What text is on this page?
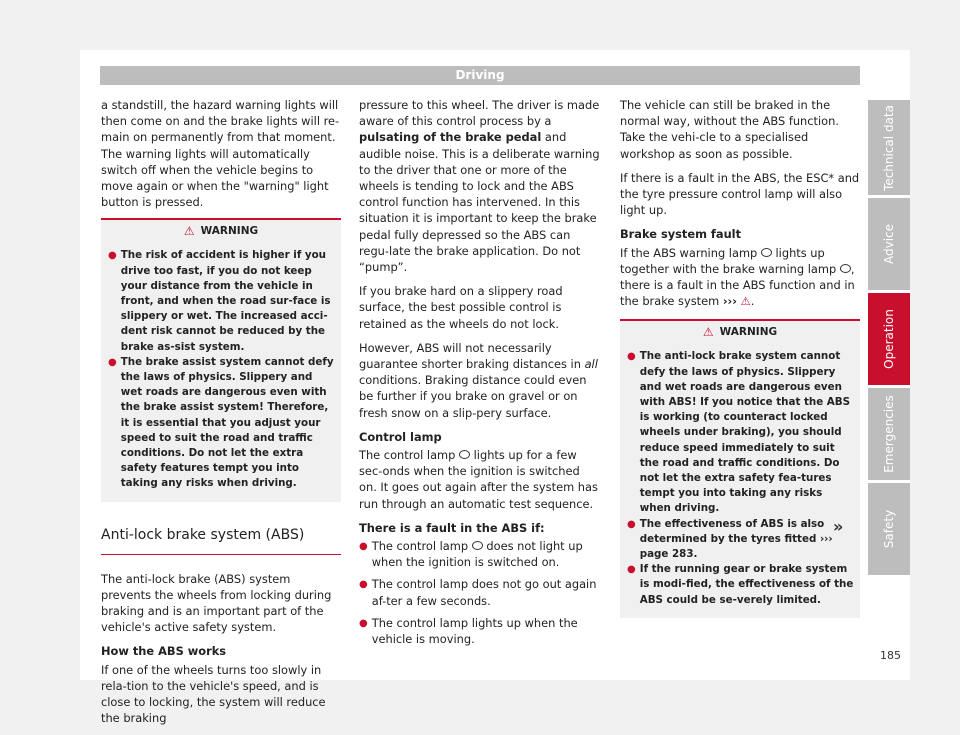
Driving

a standstill, the hazard warning lights will then come on and the brake lights will re-main on permanently from that moment. The warning lights will automatically switch off when the vehicle begins to move again or when the "warning" light button is pressed.

⚠ WARNING
● The risk of accident is higher if you drive too fast, if you do not keep your distance from the vehicle in front, and when the road sur-face is slippery or wet. The increased acci-dent risk cannot be reduced by the brake as-sist system.
● The brake assist system cannot defy the laws of physics. Slippery and wet roads are dangerous even with the brake assist system! Therefore, it is essential that you adjust your speed to suit the road and traffic conditions. Do not let the extra safety features tempt you into taking any risks when driving.
Anti-lock brake system (ABS)

The anti-lock brake (ABS) system prevents the wheels from locking during braking and is an important part of the vehicle's active safety system.

How the ABS works

If one of the wheels turns too slowly in rela-tion to the vehicle's speed, and is close to locking, the system will reduce the braking

pressure to this wheel. The driver is made aware of this control process by a pulsating of the brake pedal and audible noise. This is a deliberate warning to the driver that one or more of the wheels is tending to lock and the ABS control function has intervened. In this situation it is important to keep the brake pedal fully depressed so the ABS can regu-late the brake application. Do not “pump”.

If you brake hard on a slippery road surface, the best possible control is retained as the wheels do not lock.

However, ABS will not necessarily guarantee shorter braking distances in all conditions. Braking distance could even be further if you brake on gravel or on fresh snow on a slip-pery surface.

Control lamp

The control lamp  lights up for a few sec-onds when the ignition is switched on. It goes out again after the system has run through an automatic test sequence.

There is a fault in the ABS if:
● The control lamp  does not light up when the ignition is switched on.
● The control lamp does not go out again af-ter a few seconds.
● The control lamp lights up when the vehicle is moving.

The vehicle can still be braked in the normal way, without the ABS function. Take the vehi-cle to a specialised workshop as soon as possible.

If there is a fault in the ABS, the ESC* and the tyre pressure control lamp will also light up.

Brake system fault

If the ABS warning lamp  lights up together with the brake warning lamp , there is a fault in the ABS function and in the brake system ››› ⚠.

⚠ WARNING
● The anti-lock brake system cannot defy the laws of physics. Slippery and wet roads are dangerous even with ABS! If you notice that the ABS is working (to counteract locked wheels under braking), you should reduce speed immediately to suit the road and traffic conditions. Do not let the extra safety fea-tures tempt you into taking any risks when driving.
● The effectiveness of ABS is also determined by the tyres fitted ››› page 283.
● If the running gear or brake system is modi-fied, the effectiveness of the ABS could be se-verely limited.
»
Technical data
Advice
Operation
Emergencies
Safety
185
